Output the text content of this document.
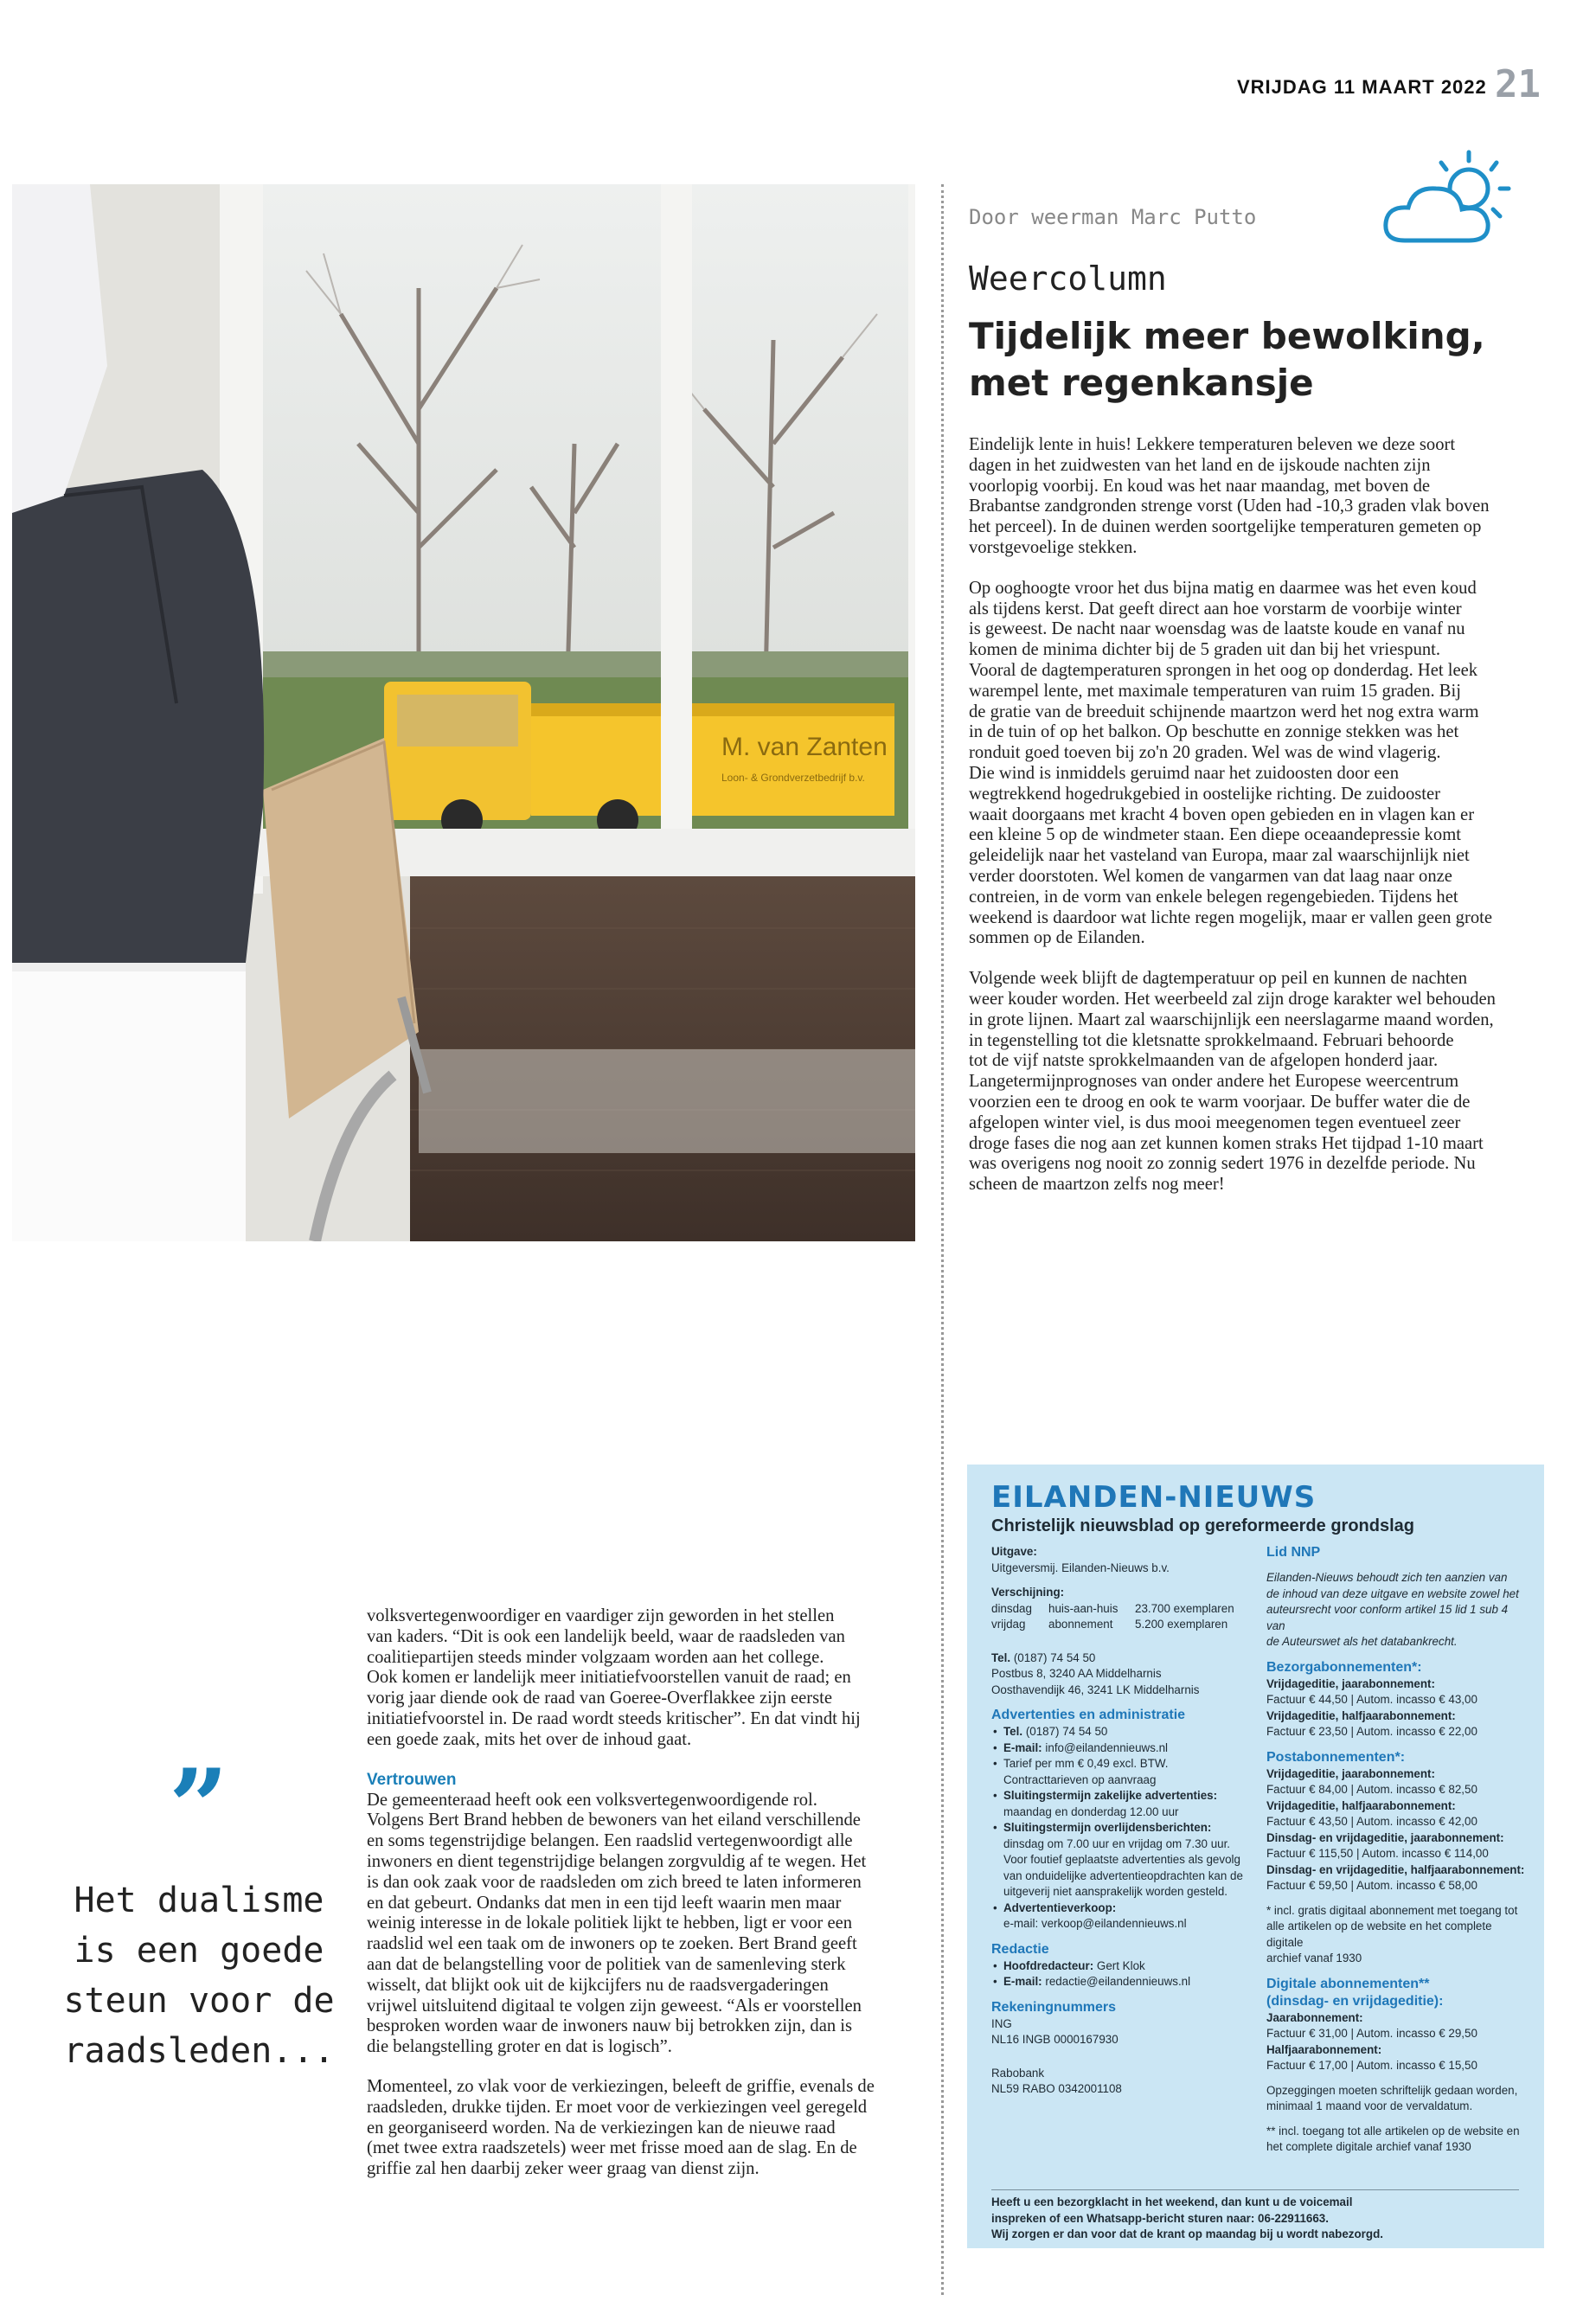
VRIJDAG 11 MAART 2022 21
M. van Zanten
Loon- & Grondverzetbedrijf b.v.
Door weerman Marc Putto
Weercolumn
Tijdelijk meer bewolking, met regenkansje

Eindelijk lente in huis! Lekkere temperaturen beleven we deze soort
dagen in het zuidwesten van het land en de ijskoude nachten zijn
voorlopig voorbij. En koud was het naar maandag, met boven de
Brabantse zandgronden strenge vorst (Uden had -10,3 graden vlak boven
het perceel). In de duinen werden soortgelijke temperaturen gemeten op
vorstgevoelige stekken.

Op ooghoogte vroor het dus bijna matig en daarmee was het even koud
als tijdens kerst. Dat geeft direct aan hoe vorstarm de voorbije winter
is geweest. De nacht naar woensdag was de laatste koude en vanaf nu
komen de minima dichter bij de 5 graden uit dan bij het vriespunt.
Vooral de dagtemperaturen sprongen in het oog op donderdag. Het leek
warempel lente, met maximale temperaturen van ruim 15 graden. Bij
de gratie van de breeduit schijnende maartzon werd het nog extra warm
in de tuin of op het balkon. Op beschutte en zonnige stekken was het
ronduit goed toeven bij zo'n 20 graden. Wel was de wind vlagerig.
Die wind is inmiddels geruimd naar het zuidoosten door een
wegtrekkend hogedrukgebied in oostelijke richting. De zuidooster
waait doorgaans met kracht 4 boven open gebieden en in vlagen kan er
een kleine 5 op de windmeter staan. Een diepe oceaandepressie komt
geleidelijk naar het vasteland van Europa, maar zal waarschijnlijk niet
verder doorstoten. Wel komen de vangarmen van dat laag naar onze
contreien, in de vorm van enkele belegen regengebieden. Tijdens het
weekend is daardoor wat lichte regen mogelijk, maar er vallen geen grote
sommen op de Eilanden.

Volgende week blijft de dagtemperatuur op peil en kunnen de nachten
weer kouder worden. Het weerbeeld zal zijn droge karakter wel behouden
in grote lijnen. Maart zal waarschijnlijk een neerslagarme maand worden,
in tegenstelling tot die kletsnatte sprokkelmaand. Februari behoorde
tot de vijf natste sprokkelmaanden van de afgelopen honderd jaar.
Langetermijnprognoses van onder andere het Europese weercentrum
voorzien een te droog en ook te warm voorjaar. De buffer water die de
afgelopen winter viel, is dus mooi meegenomen tegen eventueel zeer
droge fases die nog aan zet kunnen komen straks Het tijdpad 1-10 maart
was overigens nog nooit zo zonnig sedert 1976 in dezelfde periode. Nu
scheen de maartzon zelfs nog meer!

”
Het dualisme
is een goede
steun voor de
raadsleden...

volksvertegenwoordiger en vaardiger zijn geworden in het stellen
van kaders. “Dit is ook een landelijk beeld, waar de raadsleden van
coalitiepartijen steeds minder volgzaam worden aan het college.
Ook komen er landelijk meer initiatiefvoorstellen vanuit de raad; en
vorig jaar diende ook de raad van Goeree-Overflakkee zijn eerste
initiatiefvoorstel in. De raad wordt steeds kritischer”. En dat vindt hij
een goede zaak, mits het over de inhoud gaat.

Vertrouwen

De gemeenteraad heeft ook een volksvertegenwoordigende rol.
Volgens Bert Brand hebben de bewoners van het eiland verschillende
en soms tegenstrijdige belangen. Een raadslid vertegenwoordigt alle
inwoners en dient tegenstrijdige belangen zorgvuldig af te wegen. Het
is dan ook zaak voor de raadsleden om zich breed te laten informeren
en dat gebeurt. Ondanks dat men in een tijd leeft waarin men maar
weinig interesse in de lokale politiek lijkt te hebben, ligt er voor een
raadslid wel een taak om de inwoners op te zoeken. Bert Brand geeft
aan dat de belangstelling voor de politiek van de samenleving sterk
wisselt, dat blijkt ook uit de kijkcijfers nu de raadsvergaderingen
vrijwel uitsluitend digitaal te volgen zijn geweest. “Als er voorstellen
besproken worden waar de inwoners nauw bij betrokken zijn, dan is
die belangstelling groter en dat is logisch”.

Momenteel, zo vlak voor de verkiezingen, beleeft de griffie, evenals de
raadsleden, drukke tijden. Er moet voor de verkiezingen veel geregeld
en georganiseerd worden. Na de verkiezingen kan de nieuwe raad
(met twee extra raadszetels) weer met frisse moed aan de slag. En de
griffie zal hen daarbij zeker weer graag van dienst zijn.

EILANDEN-NIEUWS
Christelijk nieuwsblad op gereformeerde grondslag
Uitgave:
Uitgeversmij. Eilanden-Nieuws b.v.
Verschijning:
dinsdag huis-aan-huis 23.700 exemplaren
vrijdag abonnement 5.200 exemplaren
Tel. (0187) 74 54 50
Postbus 8, 3240 AA Middelharnis
Oosthavendijk 46, 3241 LK Middelharnis
Advertenties en administratie
• Tel. (0187) 74 54 50
• E-mail: info@eilandennieuws.nl
• Tarief per mm € 0,49 excl. BTW.
Contracttarieven op aanvraag
• Sluitingstermijn zakelijke advertenties:
maandag en donderdag 12.00 uur
• Sluitingstermijn overlijdensberichten:
dinsdag om 7.00 uur en vrijdag om 7.30 uur.
Voor foutief geplaatste advertenties als gevolg
van onduidelijke advertentieopdrachten kan de
uitgeverij niet aansprakelijk worden gesteld.
• Advertentieverkoop:
e-mail: verkoop@eilandennieuws.nl
Redactie
• Hoofdredacteur: Gert Klok
• E-mail: redactie@eilandennieuws.nl
Rekeningnummers
ING
NL16 INGB 0000167930
Rabobank
NL59 RABO 0342001108
Lid NNP
Eilanden-Nieuws behoudt zich ten aanzien van
de inhoud van deze uitgave en website zowel het
auteursrecht voor conform artikel 15 lid 1 sub 4 van
de Auteurswet als het databankrecht.
Bezorgabonnementen*:
Vrijdageditie, jaarabonnement:
Factuur € 44,50 | Autom. incasso € 43,00
Vrijdageditie, halfjaarabonnement:
Factuur € 23,50 | Autom. incasso € 22,00
Postabonnementen*:
Vrijdageditie, jaarabonnement:
Factuur € 84,00 | Autom. incasso € 82,50
Vrijdageditie, halfjaarabonnement:
Factuur € 43,50 | Autom. incasso € 42,00
Dinsdag- en vrijdageditie, jaarabonnement:
Factuur € 115,50 | Autom. incasso € 114,00
Dinsdag- en vrijdageditie, halfjaarabonnement:
Factuur € 59,50 | Autom. incasso € 58,00
* incl. gratis digitaal abonnement met toegang tot
alle artikelen op de website en het complete digitale
archief vanaf 1930
Digitale abonnementen**
(dinsdag- en vrijdageditie):
Jaarabonnement:
Factuur € 31,00 | Autom. incasso € 29,50
Halfjaarabonnement:
Factuur € 17,00 | Autom. incasso € 15,50
Opzeggingen moeten schriftelijk gedaan worden,
minimaal 1 maand voor de vervaldatum.
** incl. toegang tot alle artikelen op de website en
het complete digitale archief vanaf 1930
Heeft u een bezorgklacht in het weekend, dan kunt u de voicemail
inspreken of een Whatsapp-bericht sturen naar: 06-22911663.
Wij zorgen er dan voor dat de krant op maandag bij u wordt nabezorgd.
